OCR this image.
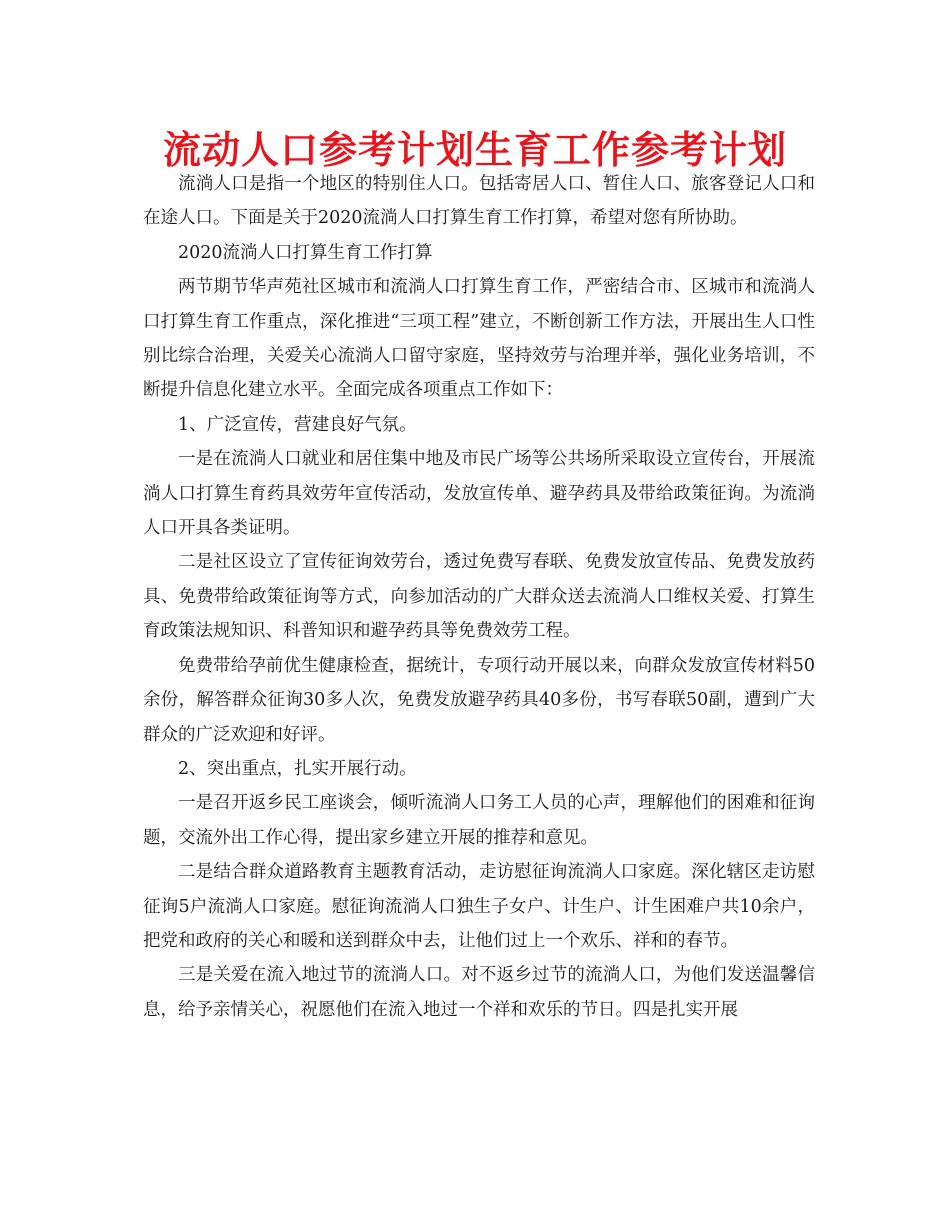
流动人口参考计划生育工作参考计划

流淌人口是指一个地区的特别住人口。包括寄居人口、暂住人口、旅客登记人口和在途人口。下面是关于2020流淌人口打算生育工作打算，希望对您有所协助。

2020流淌人口打算生育工作打算

两节期节华声苑社区城市和流淌人口打算生育工作，严密结合市、区城市和流淌人口打算生育工作重点，深化推进“三项工程”建立，不断创新工作方法，开展出生人口性别比综合治理，关爱关心流淌人口留守家庭，坚持效劳与治理并举，强化业务培训，不断提升信息化建立水平。全面完成各项重点工作如下：

1、广泛宣传，营建良好气氛。

一是在流淌人口就业和居住集中地及市民广场等公共场所采取设立宣传台，开展流淌人口打算生育药具效劳年宣传活动，发放宣传单、避孕药具及带给政策征询。为流淌人口开具各类证明。

二是社区设立了宣传征询效劳台，透过免费写春联、免费发放宣传品、免费发放药具、免费带给政策征询等方式，向参加活动的广大群众送去流淌人口维权关爱、打算生育政策法规知识、科普知识和避孕药具等免费效劳工程。

免费带给孕前优生健康检查，据统计，专项行动开展以来，向群众发放宣传材料50余份，解答群众征询30多人次，免费发放避孕药具40多份，书写春联50副，遭到广大群众的广泛欢迎和好评。

2、突出重点，扎实开展行动。

一是召开返乡民工座谈会，倾听流淌人口务工人员的心声，理解他们的困难和征询题，交流外出工作心得，提出家乡建立开展的推荐和意见。

二是结合群众道路教育主题教育活动，走访慰征询流淌人口家庭。深化辖区走访慰征询5户流淌人口家庭。慰征询流淌人口独生子女户、计生户、计生困难户共10余户，把党和政府的关心和暖和送到群众中去，让他们过上一个欢乐、祥和的春节。

三是关爱在流入地过节的流淌人口。对不返乡过节的流淌人口，为他们发送温馨信息，给予亲情关心，祝愿他们在流入地过一个祥和欢乐的节日。四是扎实开展
